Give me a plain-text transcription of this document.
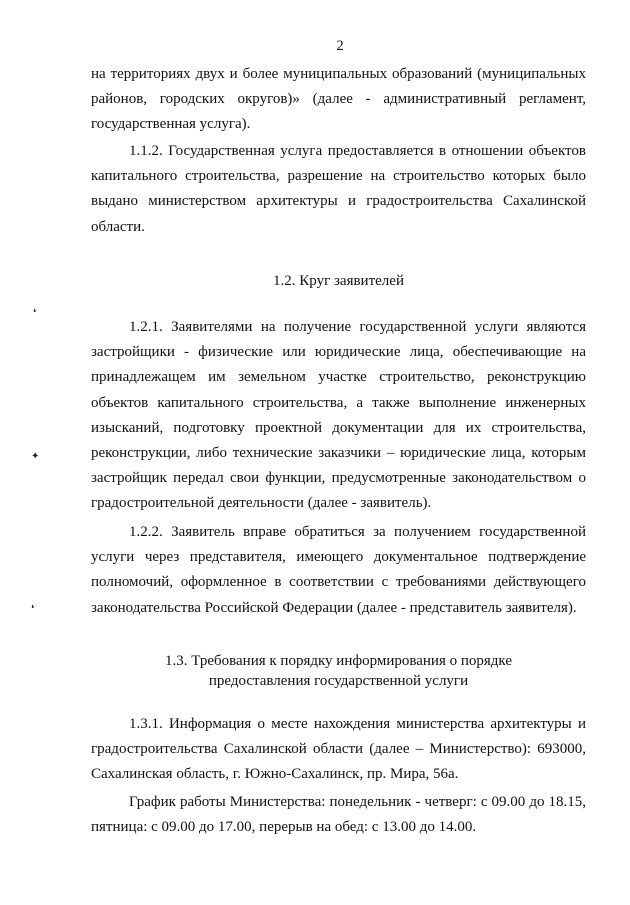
2
❛
✦
❛

на территориях двух и более муниципальных образований (муниципальных районов, городских округов)» (далее - административный регламент, государственная услуга).

1.1.2. Государственная услуга предоставляется в отношении объектов капитального строительства, разрешение на строительство которых было выдано министерством архитектуры и градостроительства Сахалинской области.

1.2. Круг заявителей

1.2.1. Заявителями на получение государственной услуги являются застройщики - физические или юридические лица, обеспечивающие на принадлежащем им земельном участке строительство, реконструкцию объектов капитального строительства, а также выполнение инженерных изысканий, подготовку проектной документации для их строительства, реконструкции, либо технические заказчики – юридические лица, которым застройщик передал свои функции, предусмотренные законодательством о градостроительной деятельности (далее - заявитель).

1.2.2. Заявитель вправе обратиться за получением государственной услуги через представителя, имеющего документальное подтверждение полномочий, оформленное в соответствии с требованиями действующего законодательства Российской Федерации (далее - представитель заявителя).

1.3. Требования к порядку информирования о порядке

предоставления государственной услуги

1.3.1. Информация о месте нахождения министерства архитектуры и градостроительства Сахалинской области (далее – Министерство): 693000, Сахалинская область, г. Южно-Сахалинск, пр. Мира, 56а.

График работы Министерства: понедельник - четверг: с 09.00 до 18.15, пятница: с 09.00 до 17.00, перерыв на обед: с 13.00 до 14.00.
